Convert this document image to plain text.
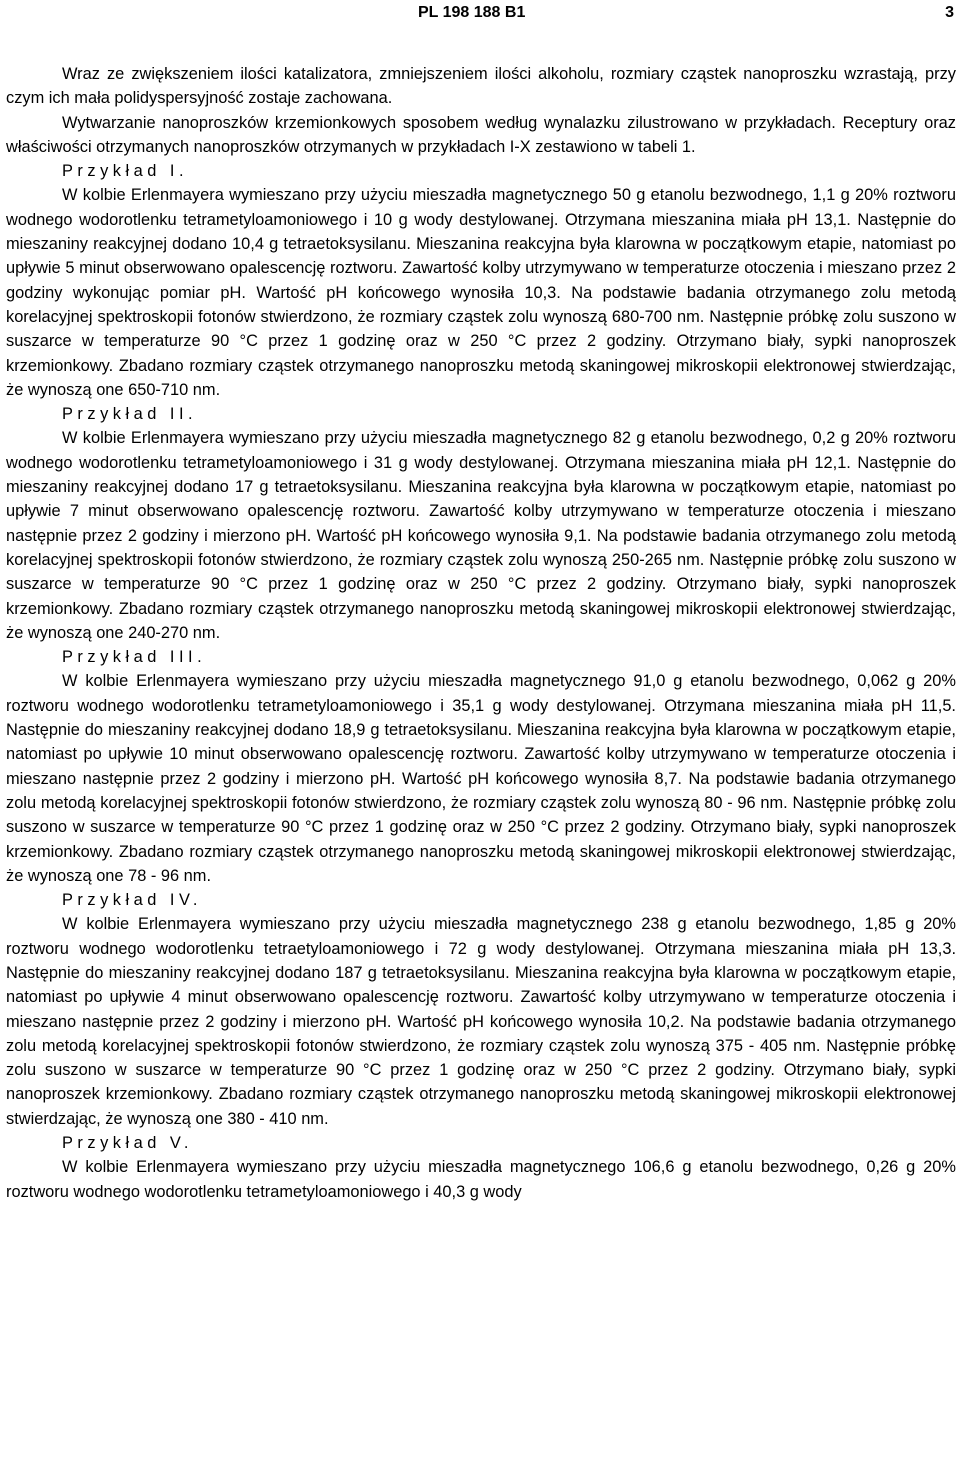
PL 198 188 B1	3

Wraz ze zwiększeniem ilości katalizatora, zmniejszeniem ilości alkoholu, rozmiary cząstek nanoproszku wzrastają, przy czym ich mała polidyspersyjność zostaje zachowana.

Wytwarzanie nanoproszków krzemionkowych sposobem według wynalazku zilustrowano w przykładach. Receptury oraz właściwości otrzymanych nanoproszków otrzymanych w przykładach I-X zestawiono w tabeli 1.

Przykład I.

W kolbie Erlenmayera wymieszano przy użyciu mieszadła magnetycznego 50 g etanolu bezwodnego, 1,1 g 20% roztworu wodnego wodorotlenku tetrametyloamoniowego i 10 g wody destylowanej. Otrzymana mieszanina miała pH 13,1. Następnie do mieszaniny reakcyjnej dodano 10,4 g tetraetoksysilanu. Mieszanina reakcyjna była klarowna w początkowym etapie, natomiast po upływie 5 minut obserwowano opalescencję roztworu. Zawartość kolby utrzymywano w temperaturze otoczenia i mieszano przez 2 godziny wykonując pomiar pH. Wartość pH końcowego wynosiła 10,3. Na podstawie badania otrzymanego zolu metodą korelacyjnej spektroskopii fotonów stwierdzono, że rozmiary cząstek zolu wynoszą 680-700 nm. Następnie próbkę zolu suszono w suszarce w temperaturze 90 °C przez 1 godzinę oraz w 250 °C przez 2 godziny. Otrzymano biały, sypki nanoproszek krzemionkowy. Zbadano rozmiary cząstek otrzymanego nanoproszku metodą skaningowej mikroskopii elektronowej stwierdzając, że wynoszą one 650-710 nm.

Przykład II.

W kolbie Erlenmayera wymieszano przy użyciu mieszadła magnetycznego 82 g etanolu bezwodnego, 0,2 g 20% roztworu wodnego wodorotlenku tetrametyloamoniowego i 31 g wody destylowanej. Otrzymana mieszanina miała pH 12,1. Następnie do mieszaniny reakcyjnej dodano 17 g tetraetoksysilanu. Mieszanina reakcyjna była klarowna w początkowym etapie, natomiast po upływie 7 minut obserwowano opalescencję roztworu. Zawartość kolby utrzymywano w temperaturze otoczenia i mieszano następnie przez 2 godziny i mierzono pH. Wartość pH końcowego wynosiła 9,1. Na podstawie badania otrzymanego zolu metodą korelacyjnej spektroskopii fotonów stwierdzono, że rozmiary cząstek zolu wynoszą 250-265 nm. Następnie próbkę zolu suszono w suszarce w temperaturze 90 °C przez 1 godzinę oraz w 250 °C przez 2 godziny. Otrzymano biały, sypki nanoproszek krzemionkowy. Zbadano rozmiary cząstek otrzymanego nanoproszku metodą skaningowej mikroskopii elektronowej stwierdzając, że wynoszą one 240-270 nm.

Przykład III.

W kolbie Erlenmayera wymieszano przy użyciu mieszadła magnetycznego 91,0 g etanolu bezwodnego, 0,062 g 20% roztworu wodnego wodorotlenku tetrametyloamoniowego i 35,1 g wody destylowanej. Otrzymana mieszanina miała pH 11,5. Następnie do mieszaniny reakcyjnej dodano 18,9 g tetraetoksysilanu. Mieszanina reakcyjna była klarowna w początkowym etapie, natomiast po upływie 10 minut obserwowano opalescencję roztworu. Zawartość kolby utrzymywano w temperaturze otoczenia i mieszano następnie przez 2 godziny i mierzono pH. Wartość pH końcowego wynosiła 8,7. Na podstawie badania otrzymanego zolu metodą korelacyjnej spektroskopii fotonów stwierdzono, że rozmiary cząstek zolu wynoszą 80 - 96 nm. Następnie próbkę zolu suszono w suszarce w temperaturze 90 °C przez 1 godzinę oraz w 250 °C przez 2 godziny. Otrzymano biały, sypki nanoproszek krzemionkowy. Zbadano rozmiary cząstek otrzymanego nanoproszku metodą skaningowej mikroskopii elektronowej stwierdzając, że wynoszą one 78 - 96 nm.

Przykład IV.

W kolbie Erlenmayera wymieszano przy użyciu mieszadła magnetycznego 238 g etanolu bezwodnego, 1,85 g 20% roztworu wodnego wodorotlenku tetraetyloamoniowego i 72 g wody destylowanej. Otrzymana mieszanina miała pH 13,3. Następnie do mieszaniny reakcyjnej dodano 187 g tetraetoksysilanu. Mieszanina reakcyjna była klarowna w początkowym etapie, natomiast po upływie 4 minut obserwowano opalescencję roztworu. Zawartość kolby utrzymywano w temperaturze otoczenia i mieszano następnie przez 2 godziny i mierzono pH. Wartość pH końcowego wynosiła 10,2. Na podstawie badania otrzymanego zolu metodą korelacyjnej spektroskopii fotonów stwierdzono, że rozmiary cząstek zolu wynoszą 375 - 405 nm. Następnie próbkę zolu suszono w suszarce w temperaturze 90 °C przez 1 godzinę oraz w 250 °C przez 2 godziny. Otrzymano biały, sypki nanoproszek krzemionkowy. Zbadano rozmiary cząstek otrzymanego nanoproszku metodą skaningowej mikroskopii elektronowej stwierdzając, że wynoszą one 380 - 410 nm.

Przykład V.

W kolbie Erlenmayera wymieszano przy użyciu mieszadła magnetycznego 106,6 g etanolu bezwodnego, 0,26 g 20% roztworu wodnego wodorotlenku tetrametyloamoniowego i 40,3 g wody
